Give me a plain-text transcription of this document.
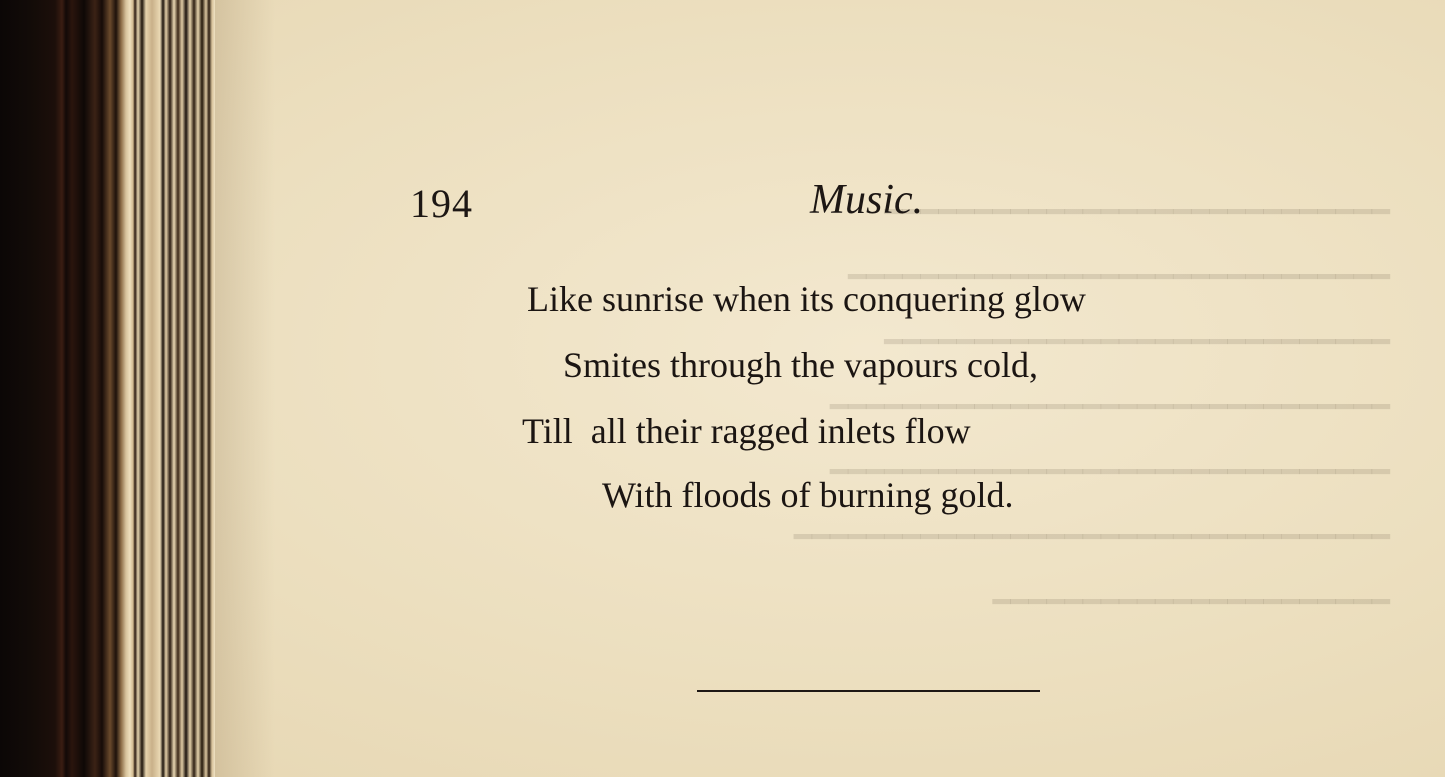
━━━━━━━━━━━━━━━━━━━━━━━━━━━━
━━━━━━━━━━━━━━━━━━━━━━━━━━━━━━
━━━━━━━━━━━━━━━━━━━━━━━━━━━━
━━━━━━━━━━━━━━━━━━━━━━━━━━━━━━━
━━━━━━━━━━━━━━━━━━━━━━━━━━━━━━━
━━━━━━━━━━━━━━━━━━━━━━━━━━━━━━━━━
━━━━━━━━━━━━━━━━━━━━━━
194	Music.
Like sunrise when its conquering glow
Smites through the vapours cold,
Till  all their ragged inlets flow
With floods of burning gold.
